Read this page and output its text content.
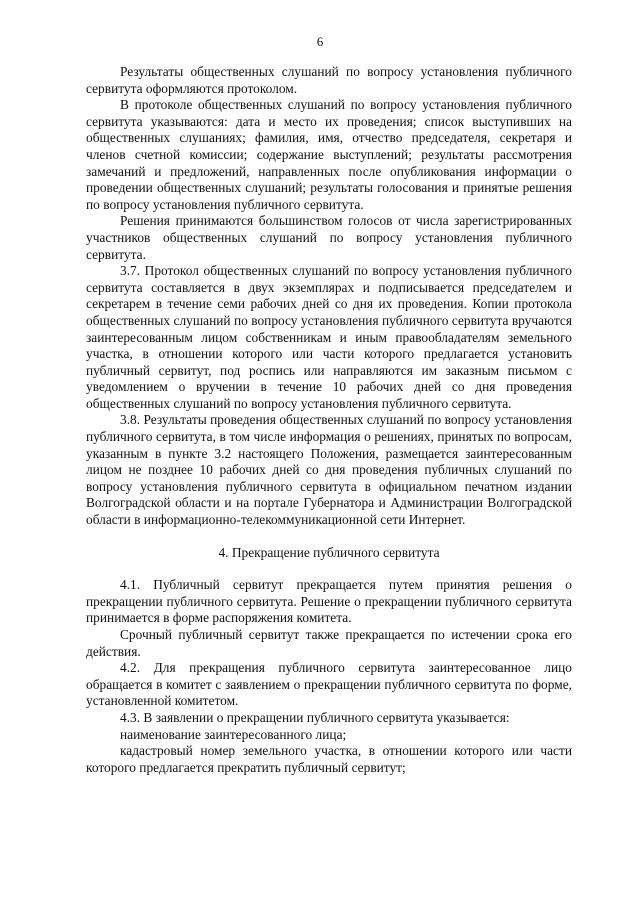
6

Результаты общественных слушаний по вопросу установления публичного сервитута оформляются протоколом.

В протоколе общественных слушаний по вопросу установления публичного сервитута указываются: дата и место их проведения; список выступивших на общественных слушаниях; фамилия, имя, отчество председателя, секретаря и членов счетной комиссии; содержание выступлений; результаты рассмотрения замечаний и предложений, направленных после опубликования информации о проведении общественных слушаний; результаты голосования и принятые решения по вопросу установления публичного сервитута.

Решения принимаются большинством голосов от числа зарегистрированных участников общественных слушаний по вопросу установления публичного сервитута.

3.7. Протокол общественных слушаний по вопросу установления публичного сервитута составляется в двух экземплярах и подписывается председателем и секретарем в течение семи рабочих дней со дня их проведения. Копии протокола общественных слушаний по вопросу установления публичного сервитута вручаются заинтересованным лицом собственникам и иным правообладателям земельного участка, в отношении которого или части которого предлагается установить публичный сервитут, под роспись или направляются им заказным письмом с уведомлением о вручении в течение 10 рабочих дней со дня проведения общественных слушаний по вопросу установления публичного сервитута.

3.8. Результаты проведения общественных слушаний по вопросу установления публичного сервитута, в том числе информация о решениях, принятых по вопросам, указанным в пункте 3.2 настоящего Положения, размещается заинтересованным лицом не позднее 10 рабочих дней со дня проведения публичных слушаний по вопросу установления публичного сервитута в официальном печатном издании Волгоградской области и на портале Губернатора и Администрации Волгоградской области в информационно-телекоммуникационной сети Интернет.

4. Прекращение публичного сервитута

4.1. Публичный сервитут прекращается путем принятия решения о прекращении публичного сервитута. Решение о прекращении публичного сервитута принимается в форме распоряжения комитета.

Срочный публичный сервитут также прекращается по истечении срока его действия.

4.2. Для прекращения публичного сервитута заинтересованное лицо обращается в комитет с заявлением о прекращении публичного сервитута по форме, установленной комитетом.

4.3. В заявлении о прекращении публичного сервитута указывается:

наименование заинтересованного лица;

кадастровый номер земельного участка, в отношении которого или части которого предлагается прекратить публичный сервитут;
